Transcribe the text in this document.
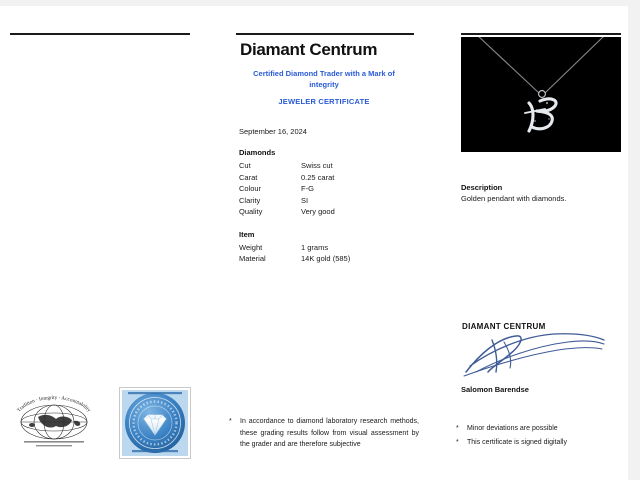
Diamant Centrum
Certified Diamond Trader with a Mark of integrity
JEWELER CERTIFICATE
September 16, 2024
Diamonds
Cut	Swiss cut
Carat	0.25 carat
Colour	F-G
Clarity	SI
Quality	Very good
Item
Weight	1 grams
Material	14K gold (585)
* In accordance to diamond laboratory research methods, these grading results follow from visual assessment by the grader and are therefore subjective
Description
Golden pendant with diamonds.
DIAMANT CENTRUM
Salomon Barendse
* Minor deviations are possible
* This certificate is signed digitally
Tradition · Integrity · Accountability
